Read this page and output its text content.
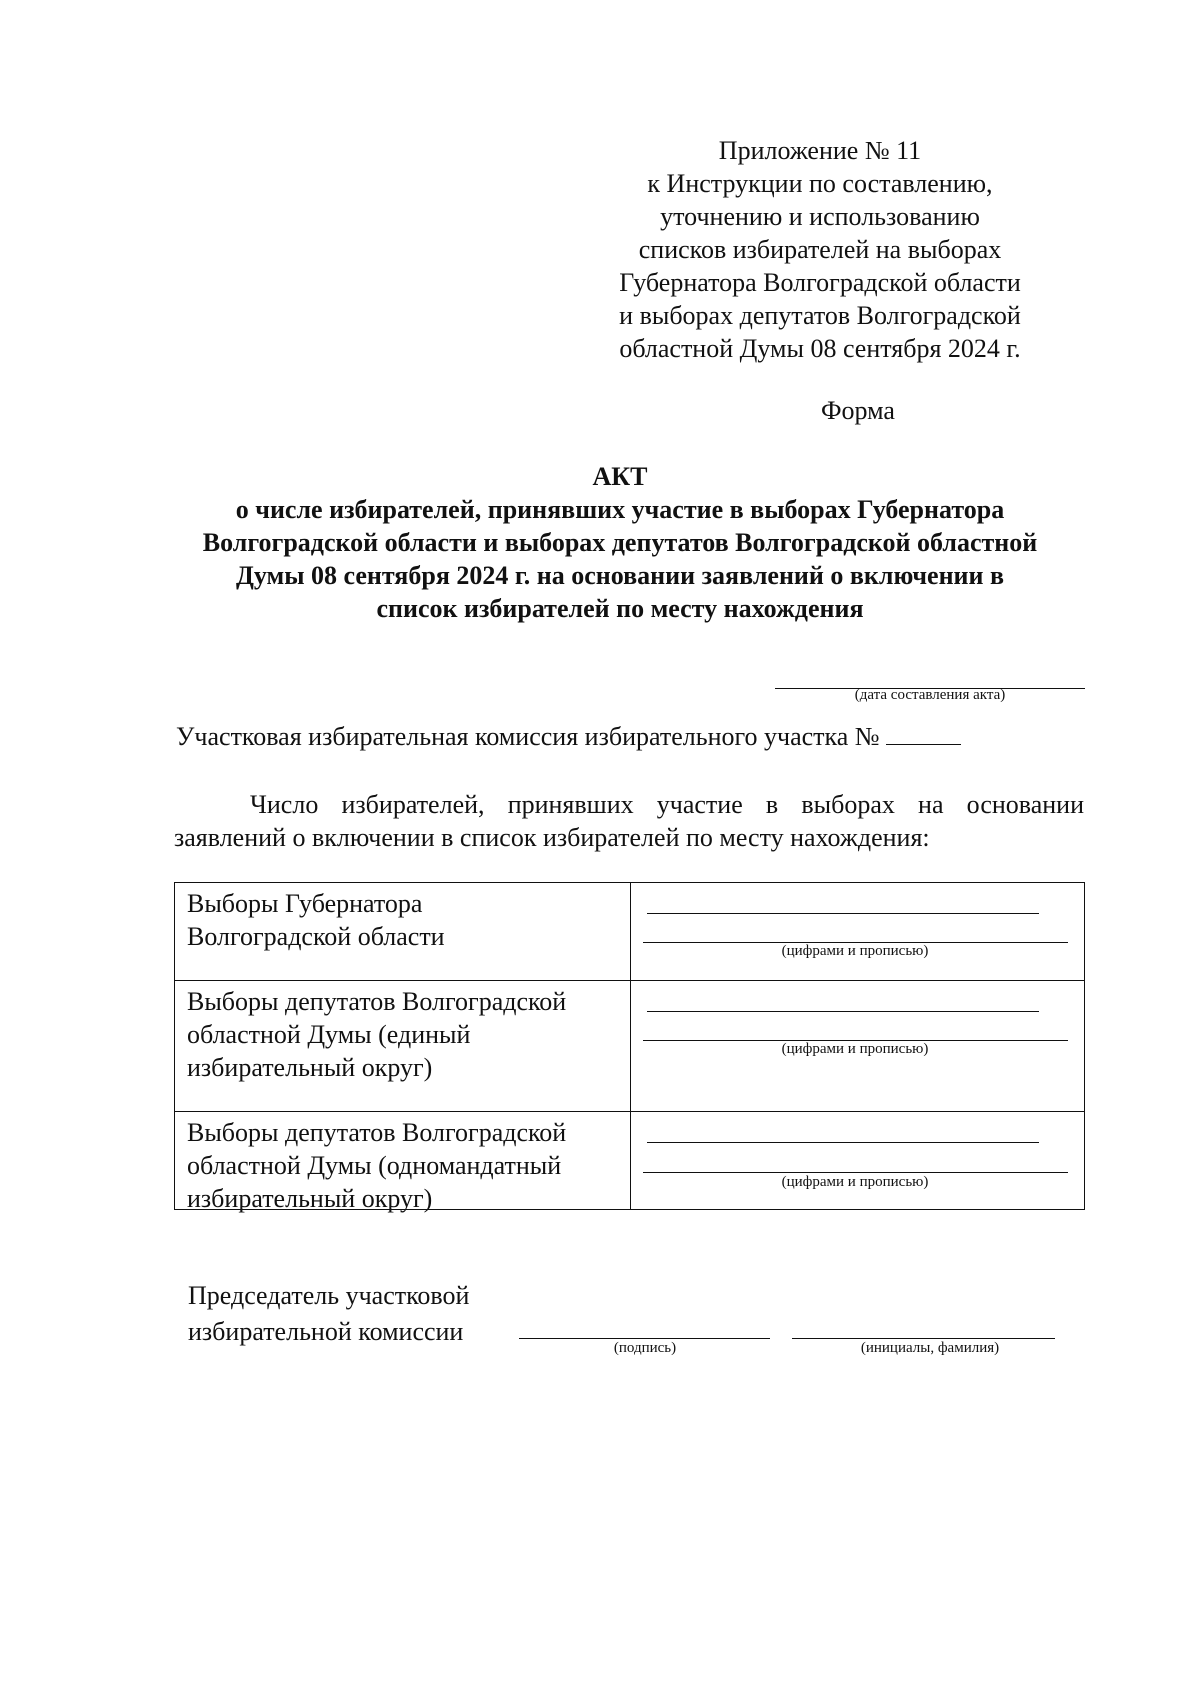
Приложение № 11
к Инструкции по составлению,
уточнению и использованию
списков избирателей на выборах
Губернатора Волгоградской области
и выборах депутатов Волгоградской
областной Думы 08 сентября 2024 г.
Форма
АКТ
о числе избирателей, принявших участие в выборах Губернатора
Волгоградской области и выборах депутатов Волгоградской областной
Думы 08 сентября 2024 г. на основании заявлений о включении в
список избирателей по месту нахождения
(дата составления акта)
Участковая избирательная комиссия избирательного участка №
Число избирателей, принявших участие в выборах на основании
заявлений о включении в список избирателей по месту нахождения:
Выборы Губернатора
Волгоградской области	(цифрами и прописью)
Выборы депутатов Волгоградской
областной Думы (единый
избирательный округ)
(цифрами и прописью)
Выборы депутатов Волгоградской
областной Думы (одномандатный
избирательный округ)
(цифрами и прописью)
Председатель участковой
избирательной комиссии
(подпись)	(инициалы, фамилия)
